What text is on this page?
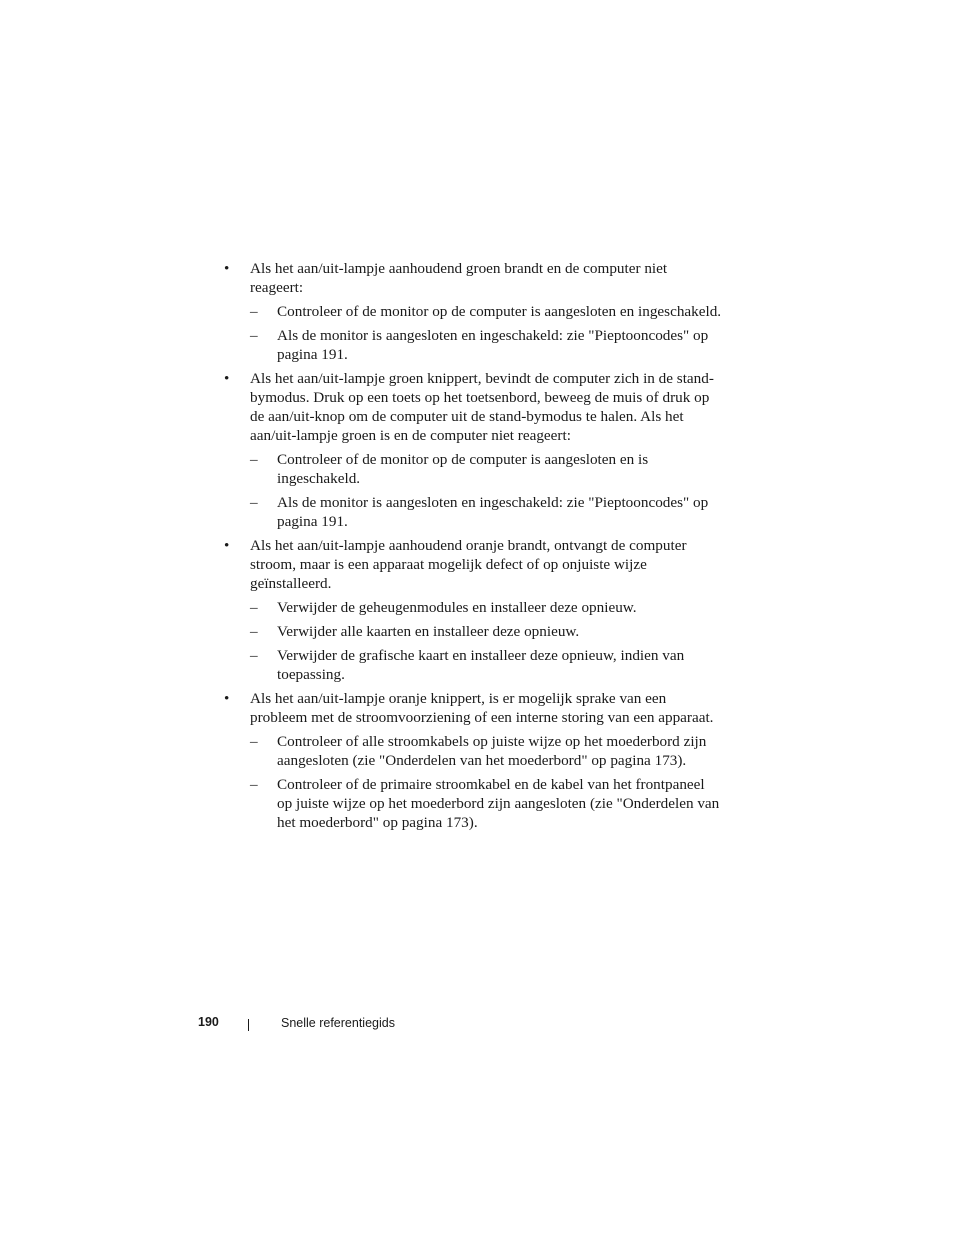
• Als het aan/uit-lampje aanhoudend groen brandt en de computer niet reageert:
– Controleer of de monitor op de computer is aangesloten en ingeschakeld.
– Als de monitor is aangesloten en ingeschakeld: zie "Pieptooncodes" op pagina 191.
• Als het aan/uit-lampje groen knippert, bevindt de computer zich in de stand-bymodus. Druk op een toets op het toetsenbord, beweeg de muis of druk op de aan/uit-knop om de computer uit de stand-bymodus te halen. Als het aan/uit-lampje groen is en de computer niet reageert:
– Controleer of de monitor op de computer is aangesloten en is ingeschakeld.
– Als de monitor is aangesloten en ingeschakeld: zie "Pieptooncodes" op pagina 191.
• Als het aan/uit-lampje aanhoudend oranje brandt, ontvangt de computer stroom, maar is een apparaat mogelijk defect of op onjuiste wijze geïnstalleerd.
– Verwijder de geheugenmodules en installeer deze opnieuw.
– Verwijder alle kaarten en installeer deze opnieuw.
– Verwijder de grafische kaart en installeer deze opnieuw, indien van toepassing.
• Als het aan/uit-lampje oranje knippert, is er mogelijk sprake van een probleem met de stroomvoorziening of een interne storing van een apparaat.
– Controleer of alle stroomkabels op juiste wijze op het moederbord zijn aangesloten (zie "Onderdelen van het moederbord" op pagina 173).
– Controleer of de primaire stroomkabel en de kabel van het frontpaneel op juiste wijze op het moederbord zijn aangesloten (zie "Onderdelen van het moederbord" op pagina 173).
190	Snelle referentiegids
